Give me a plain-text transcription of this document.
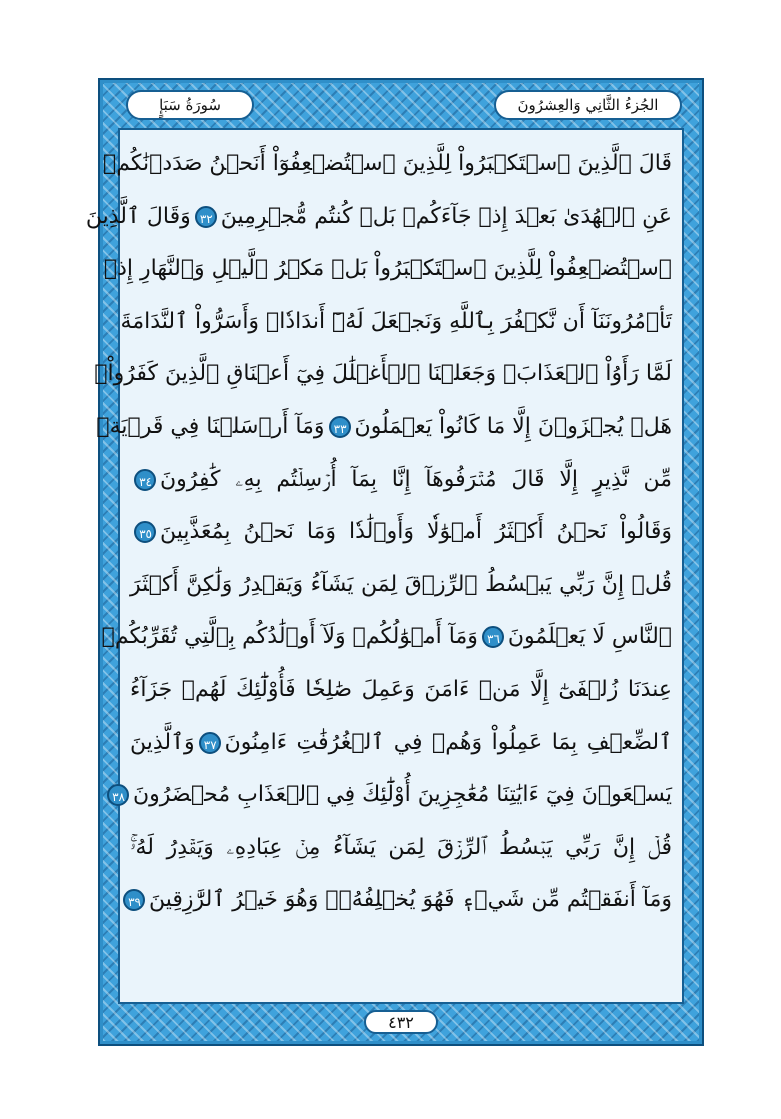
الجُزءُ الثَّانِي وَالعِشرُونَ
سُورَةُ سَبَإٍ
قَالَ ٱلَّذِينَ ٱسۡتَكۡبَرُواْ لِلَّذِينَ ٱسۡتُضۡعِفُوٓاْ أَنَحۡنُ صَدَدۡنَٰكُمۡ
عَنِ ٱلۡهُدَىٰ بَعۡدَ إِذۡ جَآءَكُمۖ بَلۡ كُنتُم مُّجۡرِمِينَ٣٢وَقَالَ ٱلَّذِينَ
ٱسۡتُضۡعِفُواْ لِلَّذِينَ ٱسۡتَكۡبَرُواْ بَلۡ مَكۡرُ ٱلَّيۡلِ وَٱلنَّهَارِ إِذۡ
تَأۡمُرُونَنَآ أَن نَّكۡفُرَ بِٱللَّهِ وَنَجۡعَلَ لَهُۥٓ أَندَادٗاۚ وَأَسَرُّواْ ٱلنَّدَامَةَ
لَمَّا رَأَوُاْ ٱلۡعَذَابَۚ وَجَعَلۡنَا ٱلۡأَغۡلَٰلَ فِيٓ أَعۡنَاقِ ٱلَّذِينَ كَفَرُواْۖ
هَلۡ يُجۡزَوۡنَ إِلَّا مَا كَانُواْ يَعۡمَلُونَ٣٣وَمَآ أَرۡسَلۡنَا فِي قَرۡيَةٖ
مِّن نَّذِيرٍ إِلَّا قَالَ مُتۡرَفُوهَآ إِنَّا بِمَآ أُرۡسِلۡتُم بِهِۦ كَٰفِرُونَ٣٤
وَقَالُواْ نَحۡنُ أَكۡثَرُ أَمۡوَٰلٗا وَأَوۡلَٰدٗا وَمَا نَحۡنُ بِمُعَذَّبِينَ٣٥
قُلۡ إِنَّ رَبِّي يَبۡسُطُ ٱلرِّزۡقَ لِمَن يَشَآءُ وَيَقۡدِرُ وَلَٰكِنَّ أَكۡثَرَ
ٱلنَّاسِ لَا يَعۡلَمُونَ٣٦وَمَآ أَمۡوَٰلُكُمۡ وَلَآ أَوۡلَٰدُكُم بِٱلَّتِي تُقَرِّبُكُمۡ
عِندَنَا زُلۡفَىٰٓ إِلَّا مَنۡ ءَامَنَ وَعَمِلَ صَٰلِحٗا فَأُوْلَٰٓئِكَ لَهُمۡ جَزَآءُ
ٱلضِّعۡفِ بِمَا عَمِلُواْ وَهُمۡ فِي ٱلۡغُرُفَٰتِ ءَامِنُونَ٣٧وَٱلَّذِينَ
يَسۡعَوۡنَ فِيٓ ءَايَٰتِنَا مُعَٰجِزِينَ أُوْلَٰٓئِكَ فِي ٱلۡعَذَابِ مُحۡضَرُونَ٣٨
قُلۡ إِنَّ رَبِّي يَبۡسُطُ ٱلرِّزۡقَ لِمَن يَشَآءُ مِنۡ عِبَادِهِۦ وَيَقۡدِرُ لَهُۥۚ
وَمَآ أَنفَقۡتُم مِّن شَيۡءٖ فَهُوَ يُخۡلِفُهُۥۖ وَهُوَ خَيۡرُ ٱلرَّٰزِقِينَ٣٩
٤٣٢
